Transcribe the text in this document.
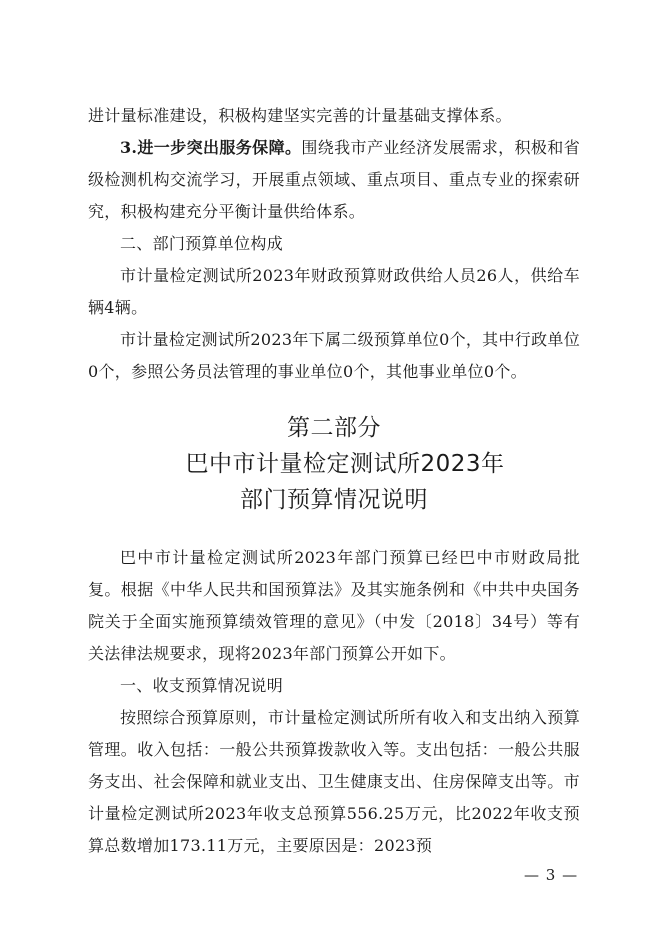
进计量标准建设，积极构建坚实完善的计量基础支撑体系。

3.进一步突出服务保障。围绕我市产业经济发展需求，积极和省级检测机构交流学习，开展重点领域、重点项目、重点专业的探索研究，积极构建充分平衡计量供给体系。

二、部门预算单位构成

市计量检定测试所2023年财政预算财政供给人员26人，供给车辆4辆。

市计量检定测试所2023年下属二级预算单位0个，其中行政单位0个，参照公务员法管理的事业单位0个，其他事业单位0个。

第二部分
巴中市计量检定测试所2023年
部门预算情况说明

巴中市计量检定测试所2023年部门预算已经巴中市财政局批复。根据《中华人民共和国预算法》及其实施条例和《中共中央国务院关于全面实施预算绩效管理的意见》（中发〔2018〕34号）等有关法律法规要求，现将2023年部门预算公开如下。

一、收支预算情况说明

按照综合预算原则，市计量检定测试所所有收入和支出纳入预算管理。收入包括：一般公共预算拨款收入等。支出包括：一般公共服务支出、社会保障和就业支出、卫生健康支出、住房保障支出等。市计量检定测试所2023年收支总预算556.25万元，比2022年收支预算总数增加173.11万元，主要原因是：2023预

— 3 —
